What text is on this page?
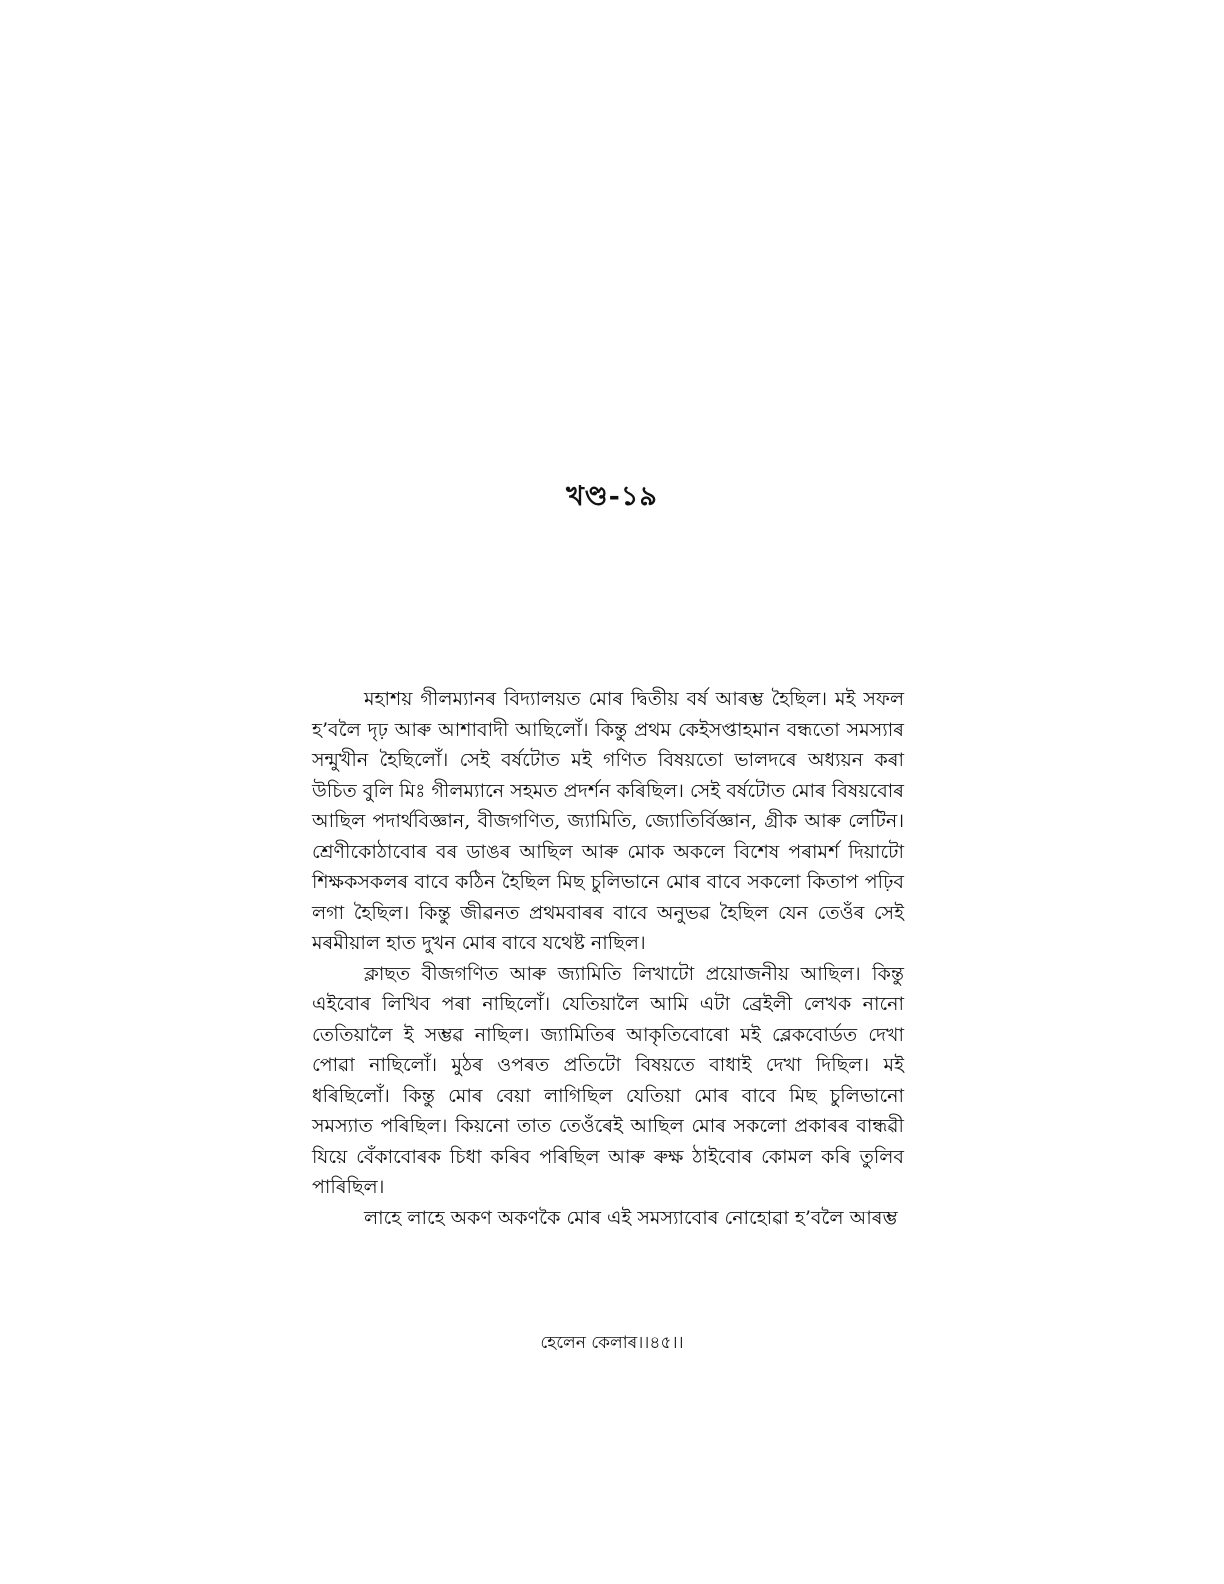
খণ্ড-১৯

মহাশয় গীলম্যানৰ বিদ্যালয়ত মোৰ দ্বিতীয় বৰ্ষ আৰম্ভ হৈছিল। মই সফল হ’বলৈ দৃঢ় আৰু আশাবাদী আছিলোঁ। কিন্তু প্ৰথম কেইসপ্তাহমান বন্ধতো সমস্যাৰ সন্মুখীন হৈছিলোঁ। সেই বৰ্ষটোত মই গণিত বিষয়তো ভালদৰে অধ্যয়ন কৰা উচিত বুলি মিঃ গীলম্যানে সহমত প্ৰদৰ্শন কৰিছিল। সেই বৰ্ষটোত মোৰ বিষয়বোৰ আছিল পদাৰ্থবিজ্ঞান, বীজগণিত, জ্যামিতি, জ্যোতিৰ্বিজ্ঞান, গ্ৰীক আৰু লেটিন। শ্ৰেণীকোঠাবোৰ বৰ ডাঙৰ আছিল আৰু মোক অকলে বিশেষ পৰামৰ্শ দিয়াটো শিক্ষকসকলৰ বাবে কঠিন হৈছিল মিছ চুলিভানে মোৰ বাবে সকলো কিতাপ পঢ়িব লগা হৈছিল। কিন্তু জীৱনত প্ৰথমবাৰৰ বাবে অনুভৱ হৈছিল যেন তেওঁৰ সেই মৰমীয়াল হাত দুখন মোৰ বাবে যথেষ্ট নাছিল।

ক্লাছত বীজগণিত আৰু জ্যামিতি লিখাটো প্ৰয়োজনীয় আছিল। কিন্তু এইবোৰ লিখিব পৰা নাছিলোঁ। যেতিয়ালৈ আমি এটা ব্ৰেইলী লেখক নানো তেতিয়ালৈ ই সম্ভৱ নাছিল। জ্যামিতিৰ আকৃতিবোৰো মই ব্লেকবোৰ্ডত দেখা পোৱা নাছিলোঁ। মুঠৰ ওপৰত প্ৰতিটো বিষয়তে বাধাই দেখা দিছিল। মই ধৰিছিলোঁ। কিন্তু মোৰ বেয়া লাগিছিল যেতিয়া মোৰ বাবে মিছ চুলিভানো সমস্যাত পৰিছিল। কিয়নো তাত তেওঁৰেই আছিল মোৰ সকলো প্ৰকাৰৰ বান্ধৱী যিয়ে বেঁকাবোৰক চিধা কৰিব পৰিছিল আৰু ৰুক্ষ ঠাইবোৰ কোমল কৰি তুলিব পাৰিছিল।

লাহে লাহে অকণ অকণকৈ মোৰ এই সমস্যাবোৰ নোহোৱা হ’বলৈ আৰম্ভ

হেলেন কেলাৰ।।৪৫।।
